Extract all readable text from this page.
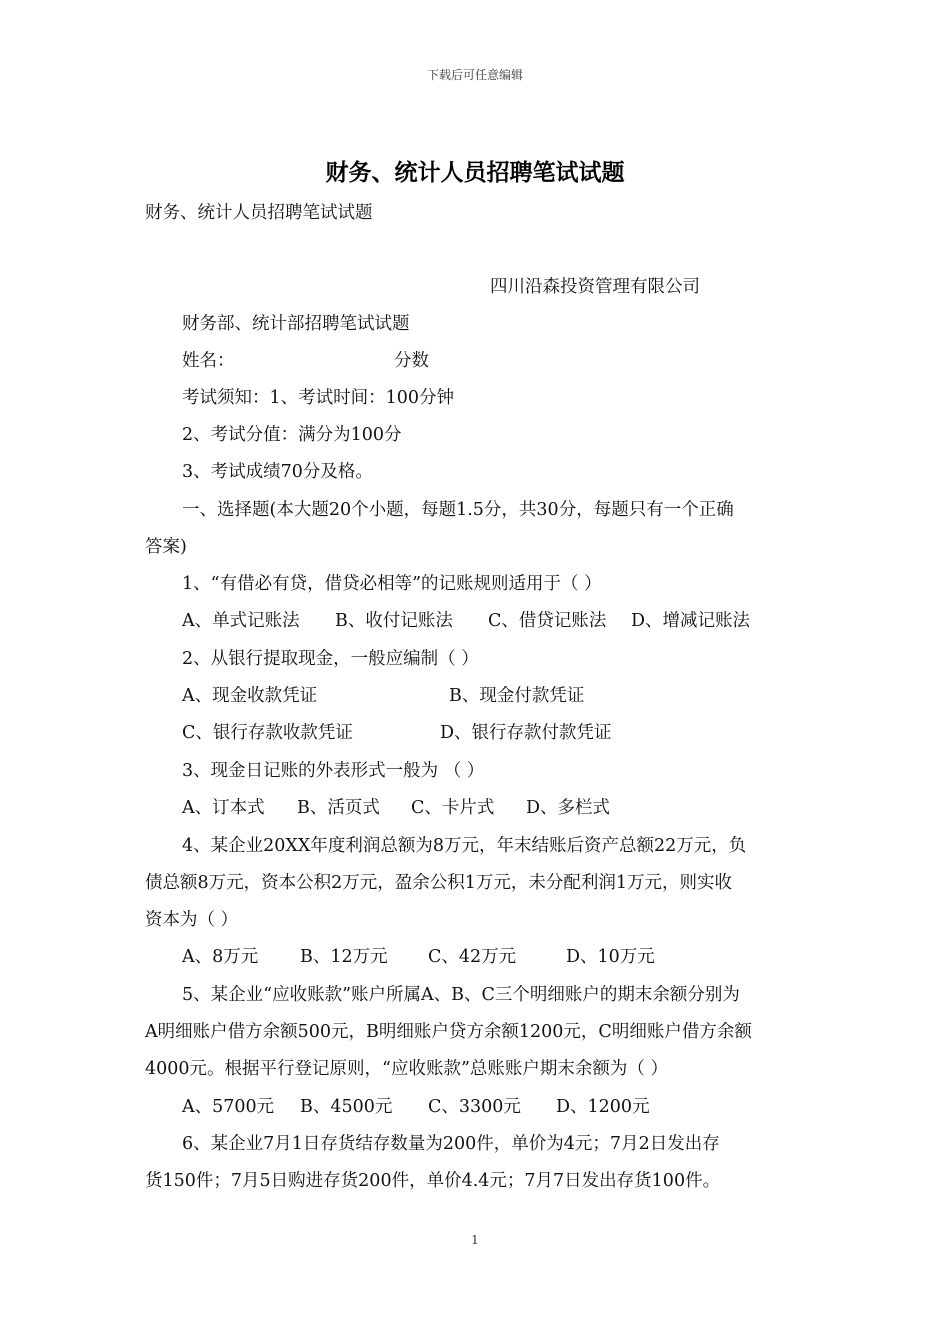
下载后可任意编辑
财务、统计人员招聘笔试试题
财务、统计人员招聘笔试试题
四川沿森投资管理有限公司
财务部、统计部招聘笔试试题
姓名：	分数
考试须知：1、考试时间：100分钟
2、考试分值：满分为100分
3、考试成绩70分及格。
一、选择题(本大题20个小题，每题1.5分，共30分，每题只有一个正确
答案)
1、“有借必有贷，借贷必相等”的记账规则适用于（ ）
A、单式记账法 B、收付记账法 C、借贷记账法 D、增减记账法
2、从银行提取现金，一般应编制（ ）
A、现金收款凭证	B、现金付款凭证
C、银行存款收款凭证	D、银行存款付款凭证
3、现金日记账的外表形式一般为 （ ）
A、订本式 B、活页式 C、卡片式 D、多栏式
4、某企业20XX年度利润总额为8万元，年末结账后资产总额22万元，负
债总额8万元，资本公积2万元，盈余公积1万元，未分配利润1万元，则实收
资本为（ ）
A、8万元 B、12万元 C、42万元	D、10万元
5、某企业“应收账款”账户所属A、B、C三个明细账户的期末余额分别为
A明细账户借方余额500元，B明细账户贷方余额1200元，C明细账户借方余额
4000元。根据平行登记原则，“应收账款”总账账户期末余额为（ ）
A、5700元 B、4500元 C、3300元 D、1200元
6、某企业7月1日存货结存数量为200件，单价为4元；7月2日发出存
货150件；7月5日购进存货200件，单价4.4元；7月7日发出存货100件。
1
